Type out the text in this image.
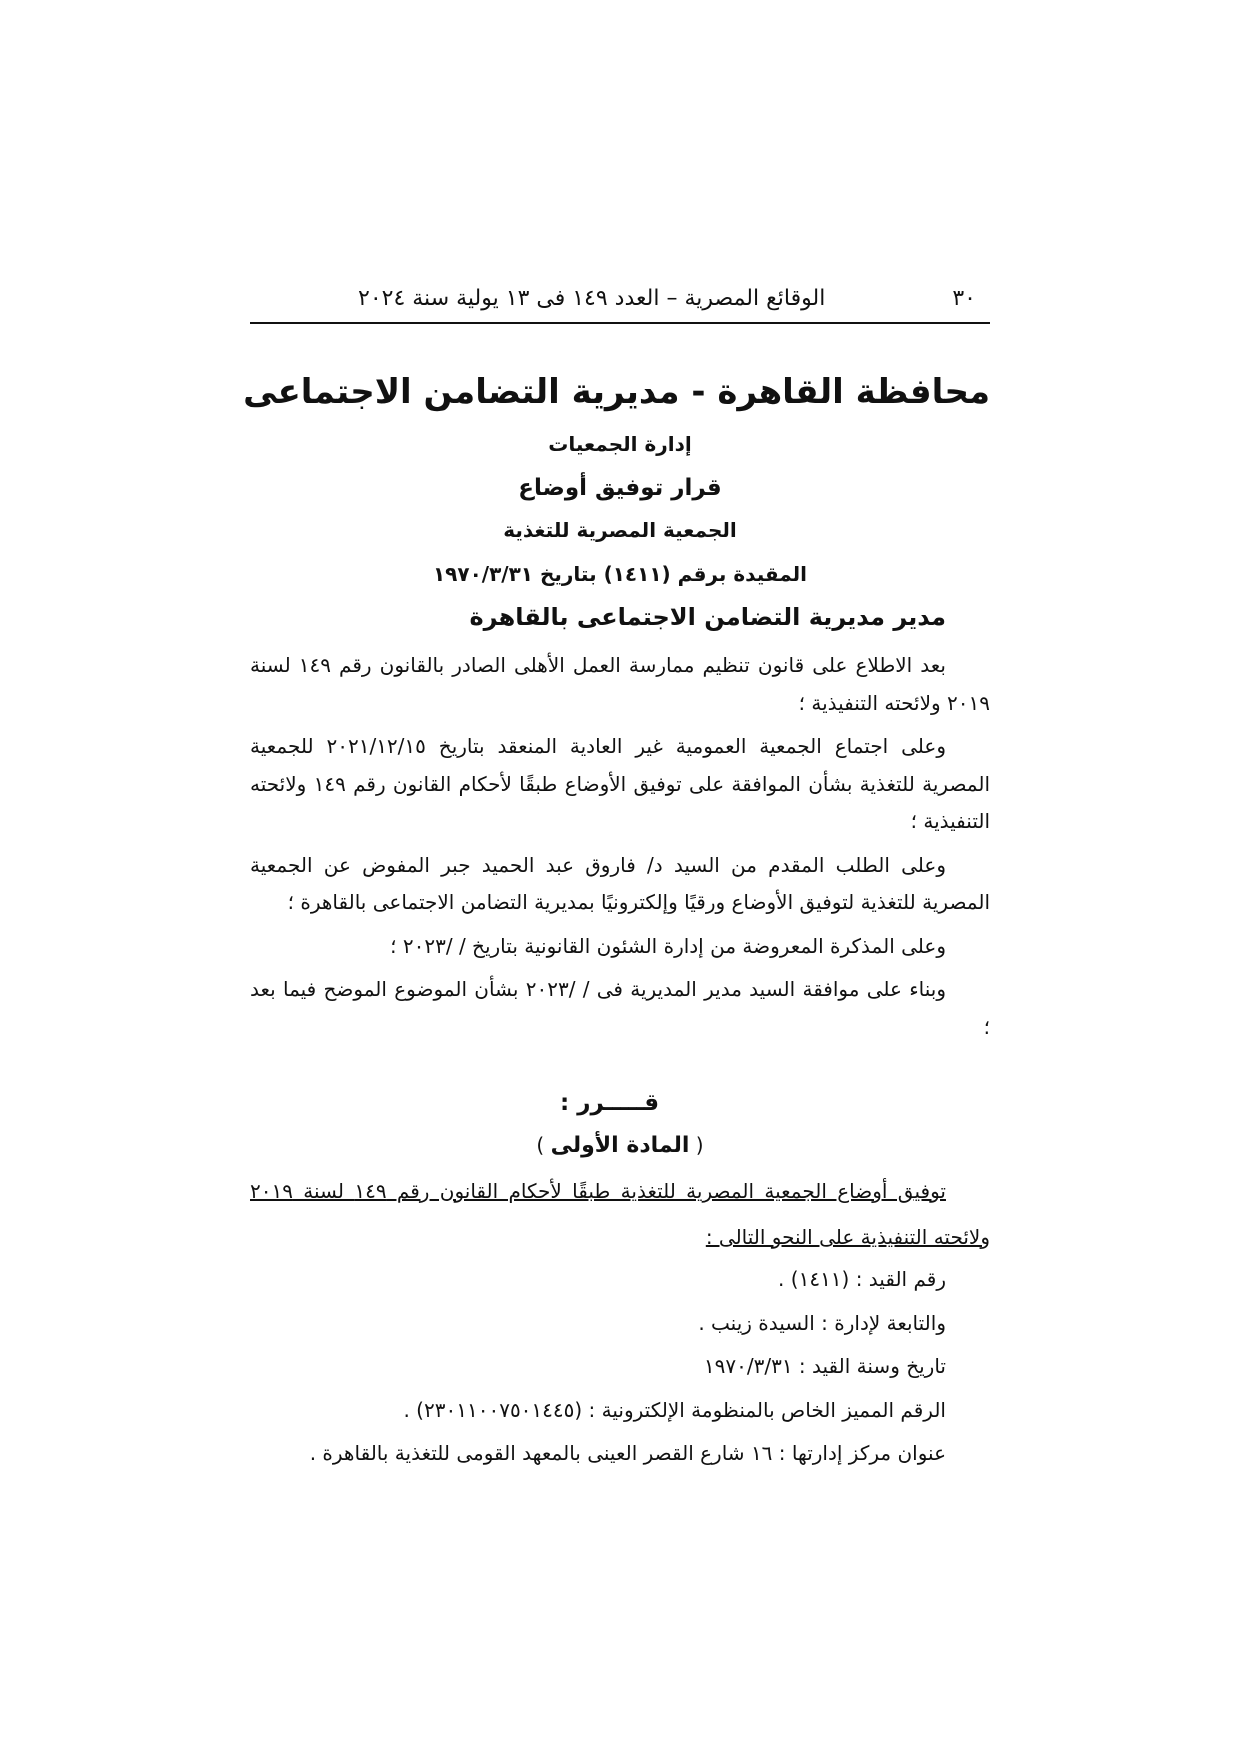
٣٠
الوقائع المصرية – العدد ١٤٩ فى ١٣ يولية سنة ٢٠٢٤
محافظة القاهرة - مديرية التضامن الاجتماعى
إدارة الجمعيات
قرار توفيق أوضاع
الجمعية المصرية للتغذية
المقيدة برقم (١٤١١) بتاريخ ١٩٧٠/٣/٣١
مدير مديرية التضامن الاجتماعى بالقاهرة

بعد الاطلاع على قانون تنظيم ممارسة العمل الأهلى الصادر بالقانون رقم ١٤٩ لسنة ٢٠١٩ ولائحته التنفيذية ؛

وعلى اجتماع الجمعية العمومية غير العادية المنعقد بتاريخ ٢٠٢١/١٢/١٥ للجمعية المصرية للتغذية بشأن الموافقة على توفيق الأوضاع طبقًا لأحكام القانون رقم ١٤٩ ولائحته التنفيذية ؛

وعلى الطلب المقدم من السيد د/ فاروق عبد الحميد جبر المفوض عن الجمعية المصرية للتغذية لتوفيق الأوضاع ورقيًا وإلكترونيًا بمديرية التضامن الاجتماعى بالقاهرة ؛

وعلى المذكرة المعروضة من إدارة الشئون القانونية بتاريخ / /٢٠٢٣ ؛

وبناء على موافقة السيد مدير المديرية فى / /٢٠٢٣ بشأن الموضوع الموضح فيما بعد ؛

قـــــرر :
( المادة الأولى )

توفيق أوضاع الجمعية المصرية للتغذية طبقًا لأحكام القانون رقم ١٤٩ لسنة ٢٠١٩ ولائحته التنفيذية على النحو التالى :

رقم القيد : (١٤١١) .
والتابعة لإدارة : السيدة زينب .
تاريخ وسنة القيد : ١٩٧٠/٣/٣١
الرقم المميز الخاص بالمنظومة الإلكترونية : (٢٣٠١١٠٠٧٥٠١٤٤٥) .
عنوان مركز إدارتها : ١٦ شارع القصر العينى بالمعهد القومى للتغذية بالقاهرة .
